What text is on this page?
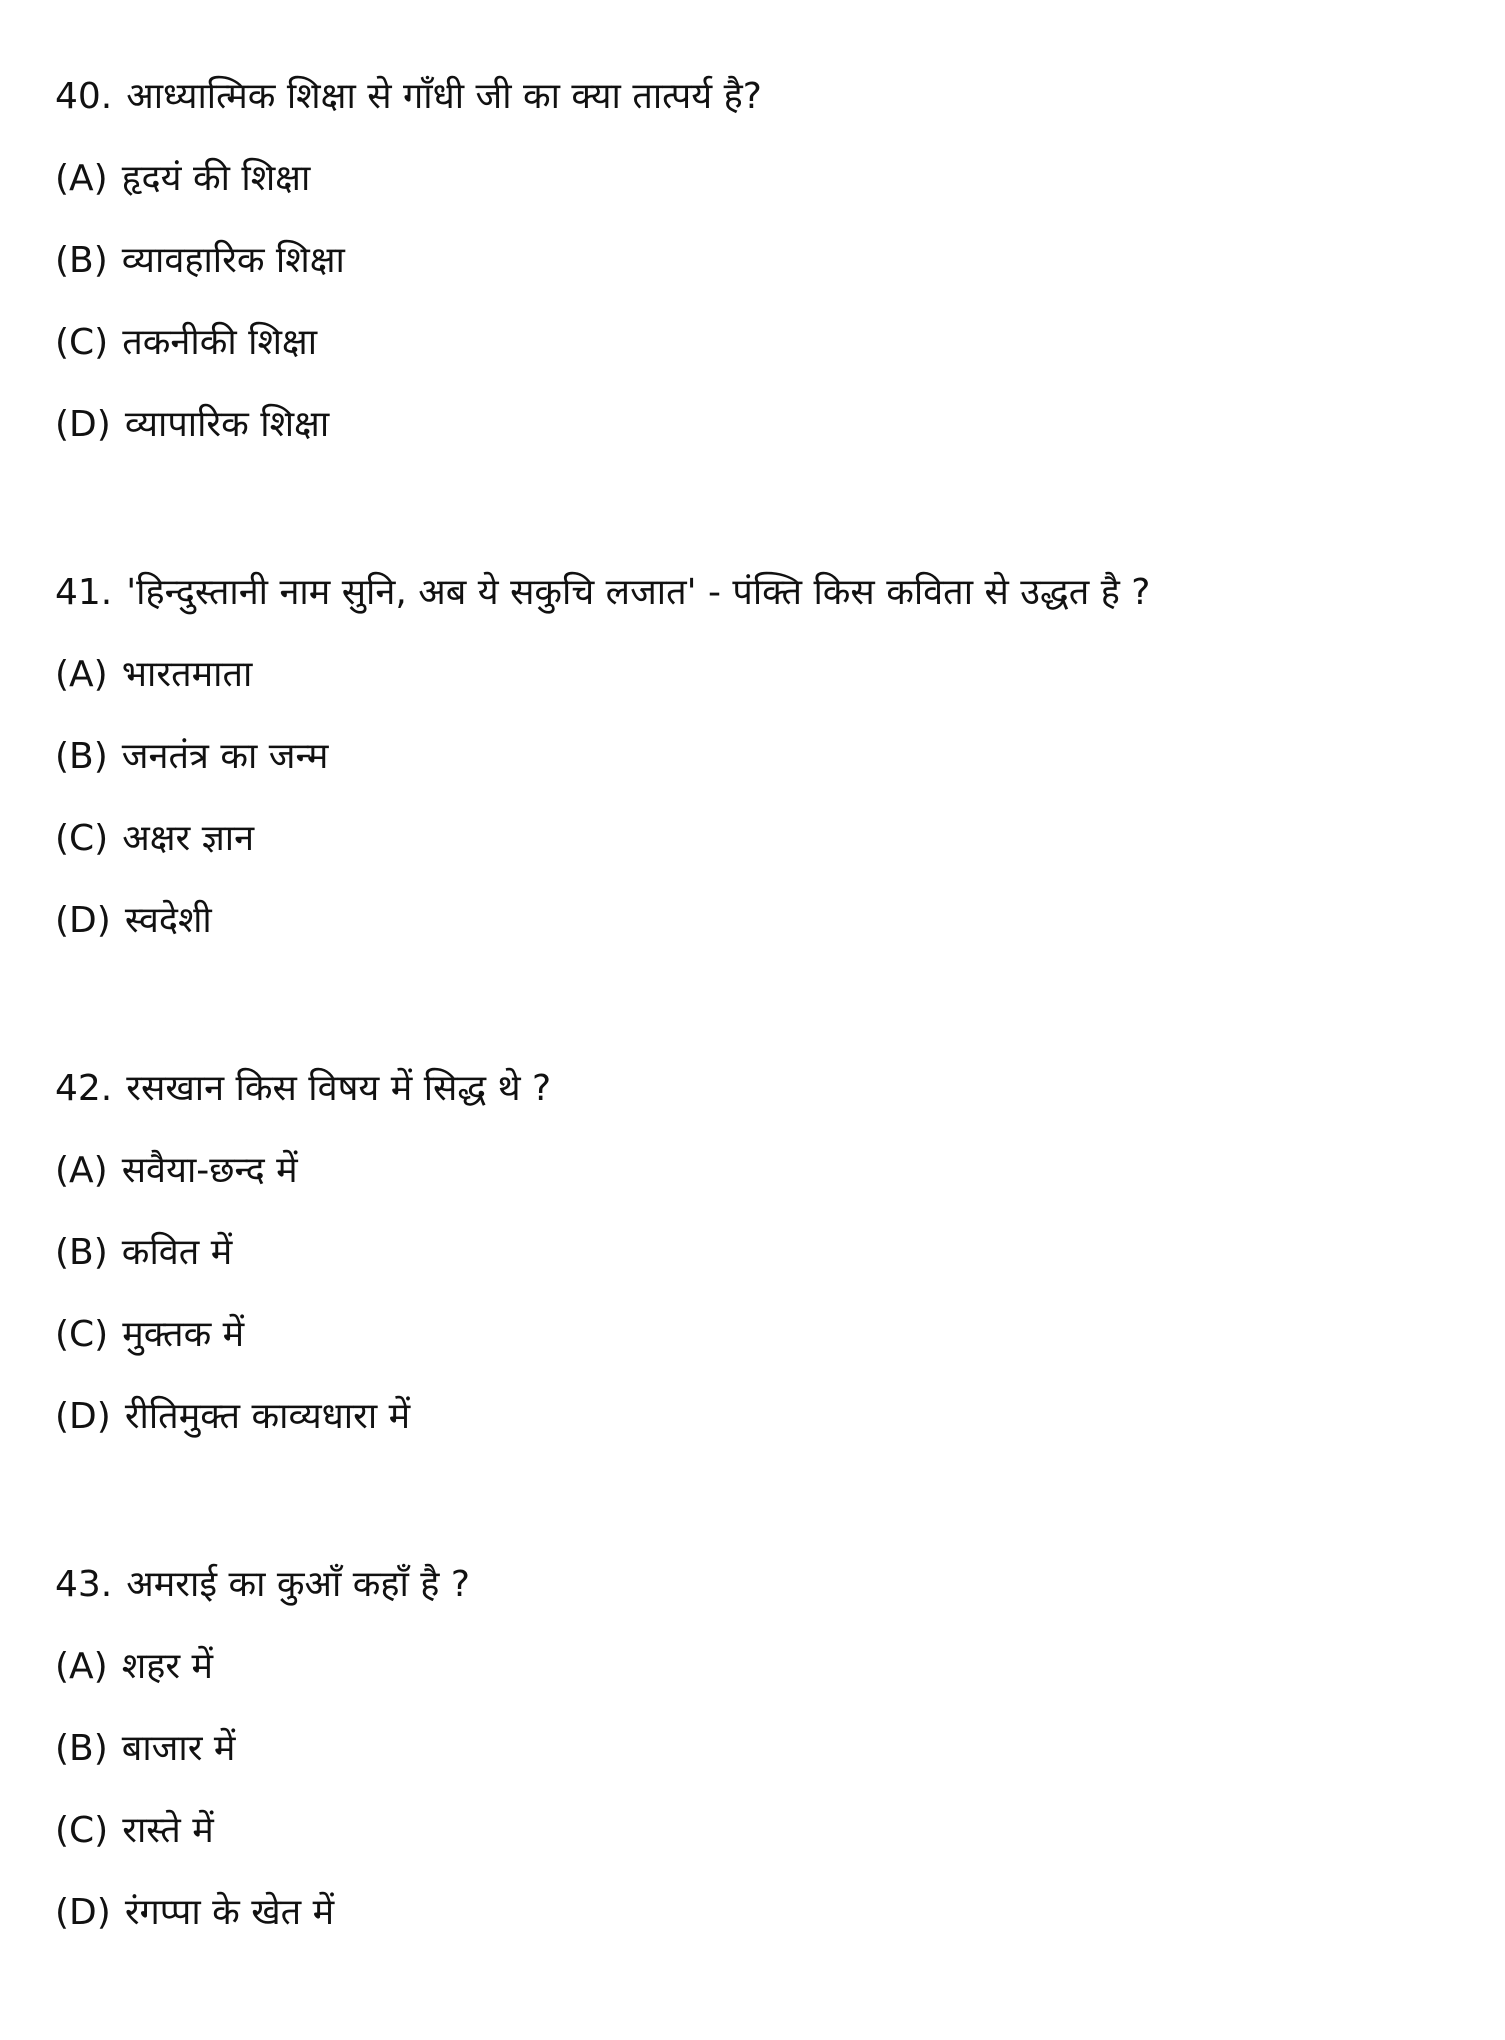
40. आध्यात्मिक शिक्षा से गाँधी जी का क्या तात्पर्य है?
(A) हृदयं की शिक्षा
(B) व्यावहारिक शिक्षा
(C) तकनीकी शिक्षा
(D) व्यापारिक शिक्षा
41. 'हिन्दुस्तानी नाम सुनि, अब ये सकुचि लजात' - पंक्ति किस कविता से उद्धत है ?
(A) भारतमाता
(B) जनतंत्र का जन्म
(C) अक्षर ज्ञान
(D) स्वदेशी
42. रसखान किस विषय में सिद्ध थे ?
(A) सवैया-छन्द में
(B) कवित में
(C) मुक्तक में
(D) रीतिमुक्त काव्यधारा में
43. अमराई का कुआँ कहाँ है ?
(A) शहर में
(B) बाजार में
(C) रास्ते में
(D) रंगप्पा के खेत में
